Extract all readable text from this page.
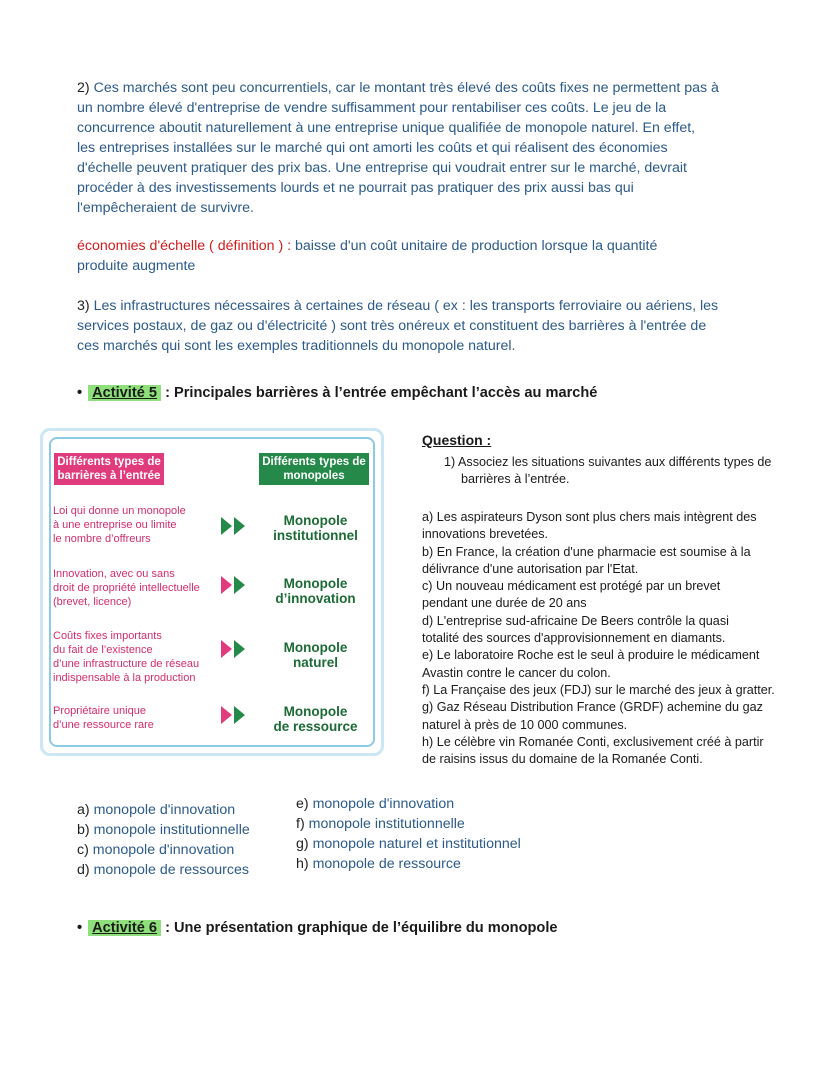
2) Ces marchés sont peu concurrentiels, car le montant très élevé des coûts fixes ne permettent pas à
un nombre élevé d'entreprise de vendre suffisamment pour rentabiliser ces coûts. Le jeu de la
concurrence aboutit naturellement à une entreprise unique qualifiée de monopole naturel. En effet,
les entreprises installées sur le marché qui ont amorti les coûts et qui réalisent des économies
d'échelle peuvent pratiquer des prix bas. Une entreprise qui voudrait entrer sur le marché, devrait
procéder à des investissements lourds et ne pourrait pas pratiquer des prix aussi bas qui
l'empêcheraient de survivre.
économies d'échelle ( définition ) : baisse d'un coût unitaire de production lorsque la quantité
produite augmente
3) Les infrastructures nécessaires à certaines de réseau ( ex : les transports ferroviaire ou aériens, les
services postaux, de gaz ou d'électricité ) sont très onéreux et constituent des barrières à l'entrée de
ces marchés qui sont les exemples traditionnels du monopole naturel.
• Activité 5 : Principales barrières à l’entrée empêchant l’accès au marché
Différents types de barrières à l’entrée
Différents types de monopoles
Loi qui donne un monopole
à une entreprise ou limite
le nombre d’offreurs
Monopole
institutionnel
Innovation, avec ou sans
droit de propriété intellectuelle
(brevet, licence)
Monopole
d’innovation
Coûts fixes importants
du fait de l’existence
d’une infrastructure de réseau
indispensable à la production
Monopole
naturel
Propriétaire unique
d’une ressource rare
Monopole
de ressource
Question :
1) Associez les situations suivantes aux différents types de
barrières à l’entrée.
a) Les aspirateurs Dyson sont plus chers mais intègrent des
innovations brevetées.
b) En France, la création d'une pharmacie est soumise à la
délivrance d'une autorisation par l'Etat.
c) Un nouveau médicament est protégé par un brevet
pendant une durée de 20 ans
d) L'entreprise sud-africaine De Beers contrôle la quasi
totalité des sources d'approvisionnement en diamants.
e) Le laboratoire Roche est le seul à produire le médicament
Avastin contre le cancer du colon.
f) La Française des jeux (FDJ) sur le marché des jeux à gratter.
g) Gaz Réseau Distribution France (GRDF) achemine du gaz
naturel à près de 10 000 communes.
h) Le célèbre vin Romanée Conti, exclusivement créé à partir
de raisins issus du domaine de la Romanée Conti.
a) monopole d'innovation
b) monopole institutionnelle
c) monopole d'innovation
d) monopole de ressources
e) monopole d'innovation
f) monopole institutionnelle
g) monopole naturel et institutionnel
h) monopole de ressource
• Activité 6 : Une présentation graphique de l’équilibre du monopole
